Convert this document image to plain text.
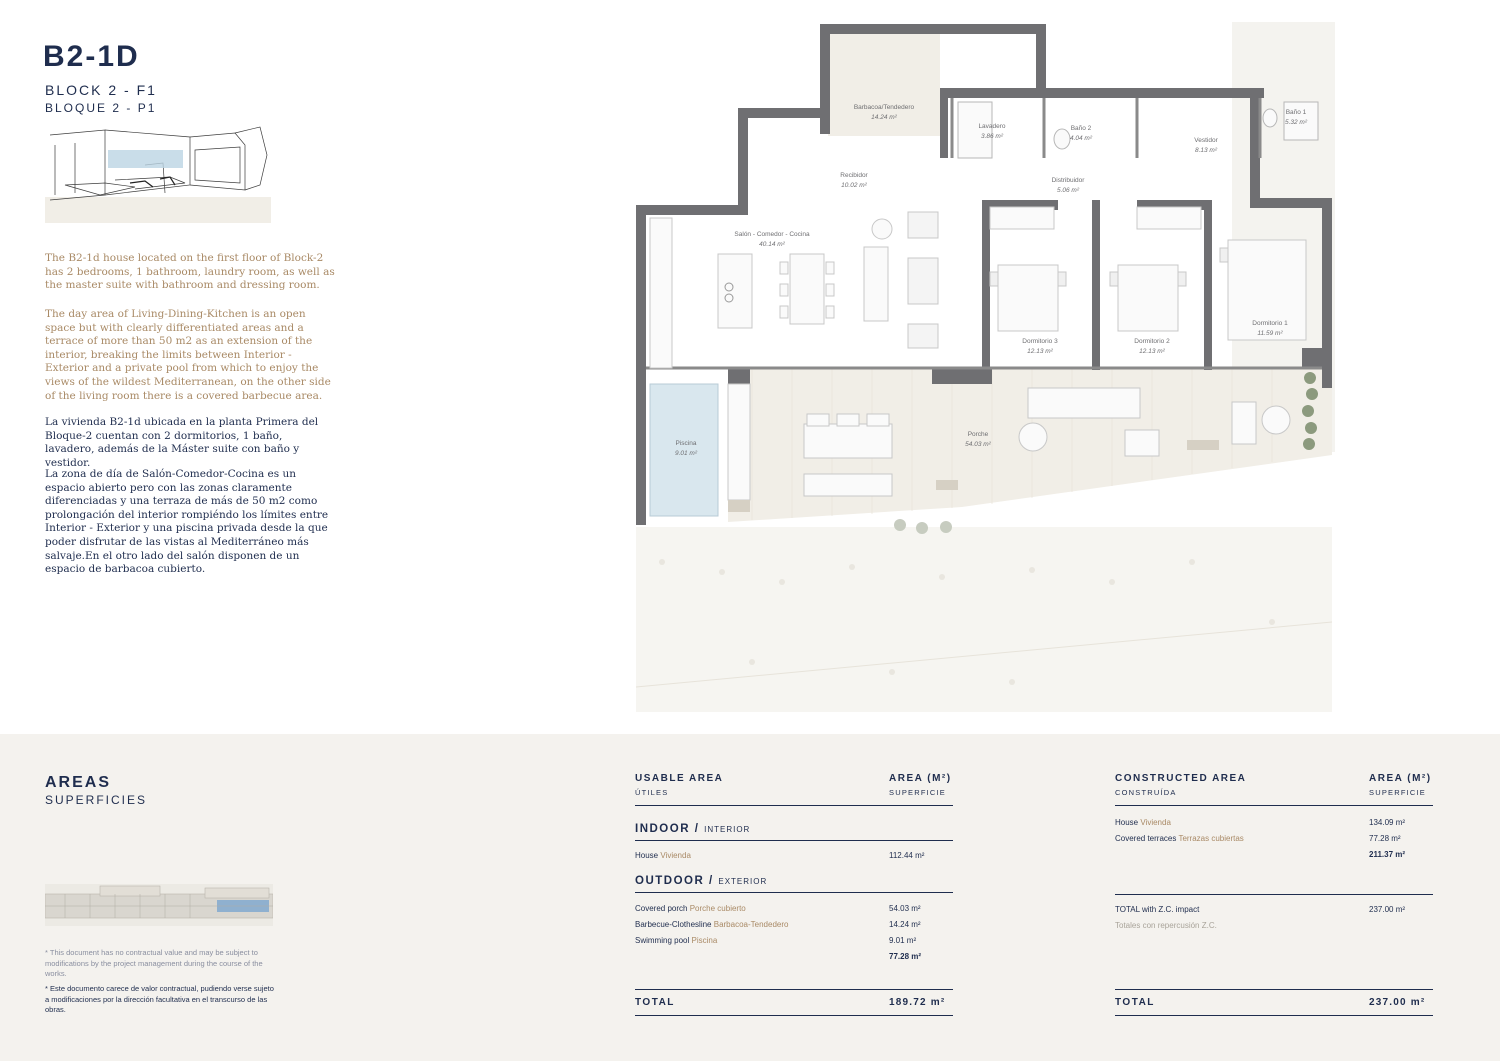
B2-1D
BLOCK 2 - F1
BLOQUE 2 - P1

The B2-1d house located on the first floor of Block-2 has 2 bedrooms, 1 bathroom, laundry room, as well as the master suite with bathroom and dressing room.

The day area of Living-Dining-Kitchen is an open space but with clearly differentiated areas and a terrace of more than 50 m2 as an extension of the interior, breaking the limits between Interior - Exterior and a private pool from which to enjoy the views of the wildest Mediterranean, on the other side of the living room there is a covered barbecue area.

La vivienda B2-1d ubicada en la planta Primera del Bloque-2 cuentan con 2 dormitorios, 1 baño, lavadero, además de la Máster suite con baño y vestidor.

La zona de día de Salón-Comedor-Cocina es un espacio abierto pero con las zonas claramente diferenciadas y una terraza de más de 50 m2 como prolongación del interior rompiéndo los límites entre Interior - Exterior y una piscina privada desde la que poder disfrutar de las vistas al Mediterráneo más salvaje.En el otro lado del salón disponen de un espacio de barbacoa cubierto.

Barbacoa/Tendedero
14.24 m²
Lavadero
3.86 m²
Baño 2
4.04 m²
Baño 1
5.32 m²
Vestidor
8.13 m²
Recibidor
10.02 m²
Distribuidor
5.06 m²
Salón - Comedor - Cocina
40.14 m²
Dormitorio 3
12.13 m²
Dormitorio 2
12.13 m²
Dormitorio 1
11.59 m²
Piscina
9.01 m²
Porche
54.03 m²
AREAS
SUPERFICIES
* This document has no contractual value and may be subject to modifications by the project management during the course of the works.
* Este documento carece de valor contractual, pudiendo verse sujeto a modificaciones por la dirección facultativa en el transcurso de las obras.
USABLE AREA
ÚTILES
AREA (M²)
SUPERFICIE
INDOOR / INTERIOR
House Vivienda	112.44 m²
OUTDOOR / EXTERIOR
Covered porch Porche cubierto	54.03 m²
Barbecue-Clothesline Barbacoa-Tendedero	14.24 m²
Swimming pool Piscina	9.01 m²
77.28 m²
TOTAL	189.72 m²
CONSTRUCTED AREA
CONSTRUÍDA
AREA (M²)
SUPERFICIE
House Vivienda	134.09 m²
Covered terraces Terrazas cubiertas	77.28 m²
211.37 m²
TOTAL with Z.C. impact	237.00 m²
Totales con repercusión Z.C.
TOTAL	237.00 m²
